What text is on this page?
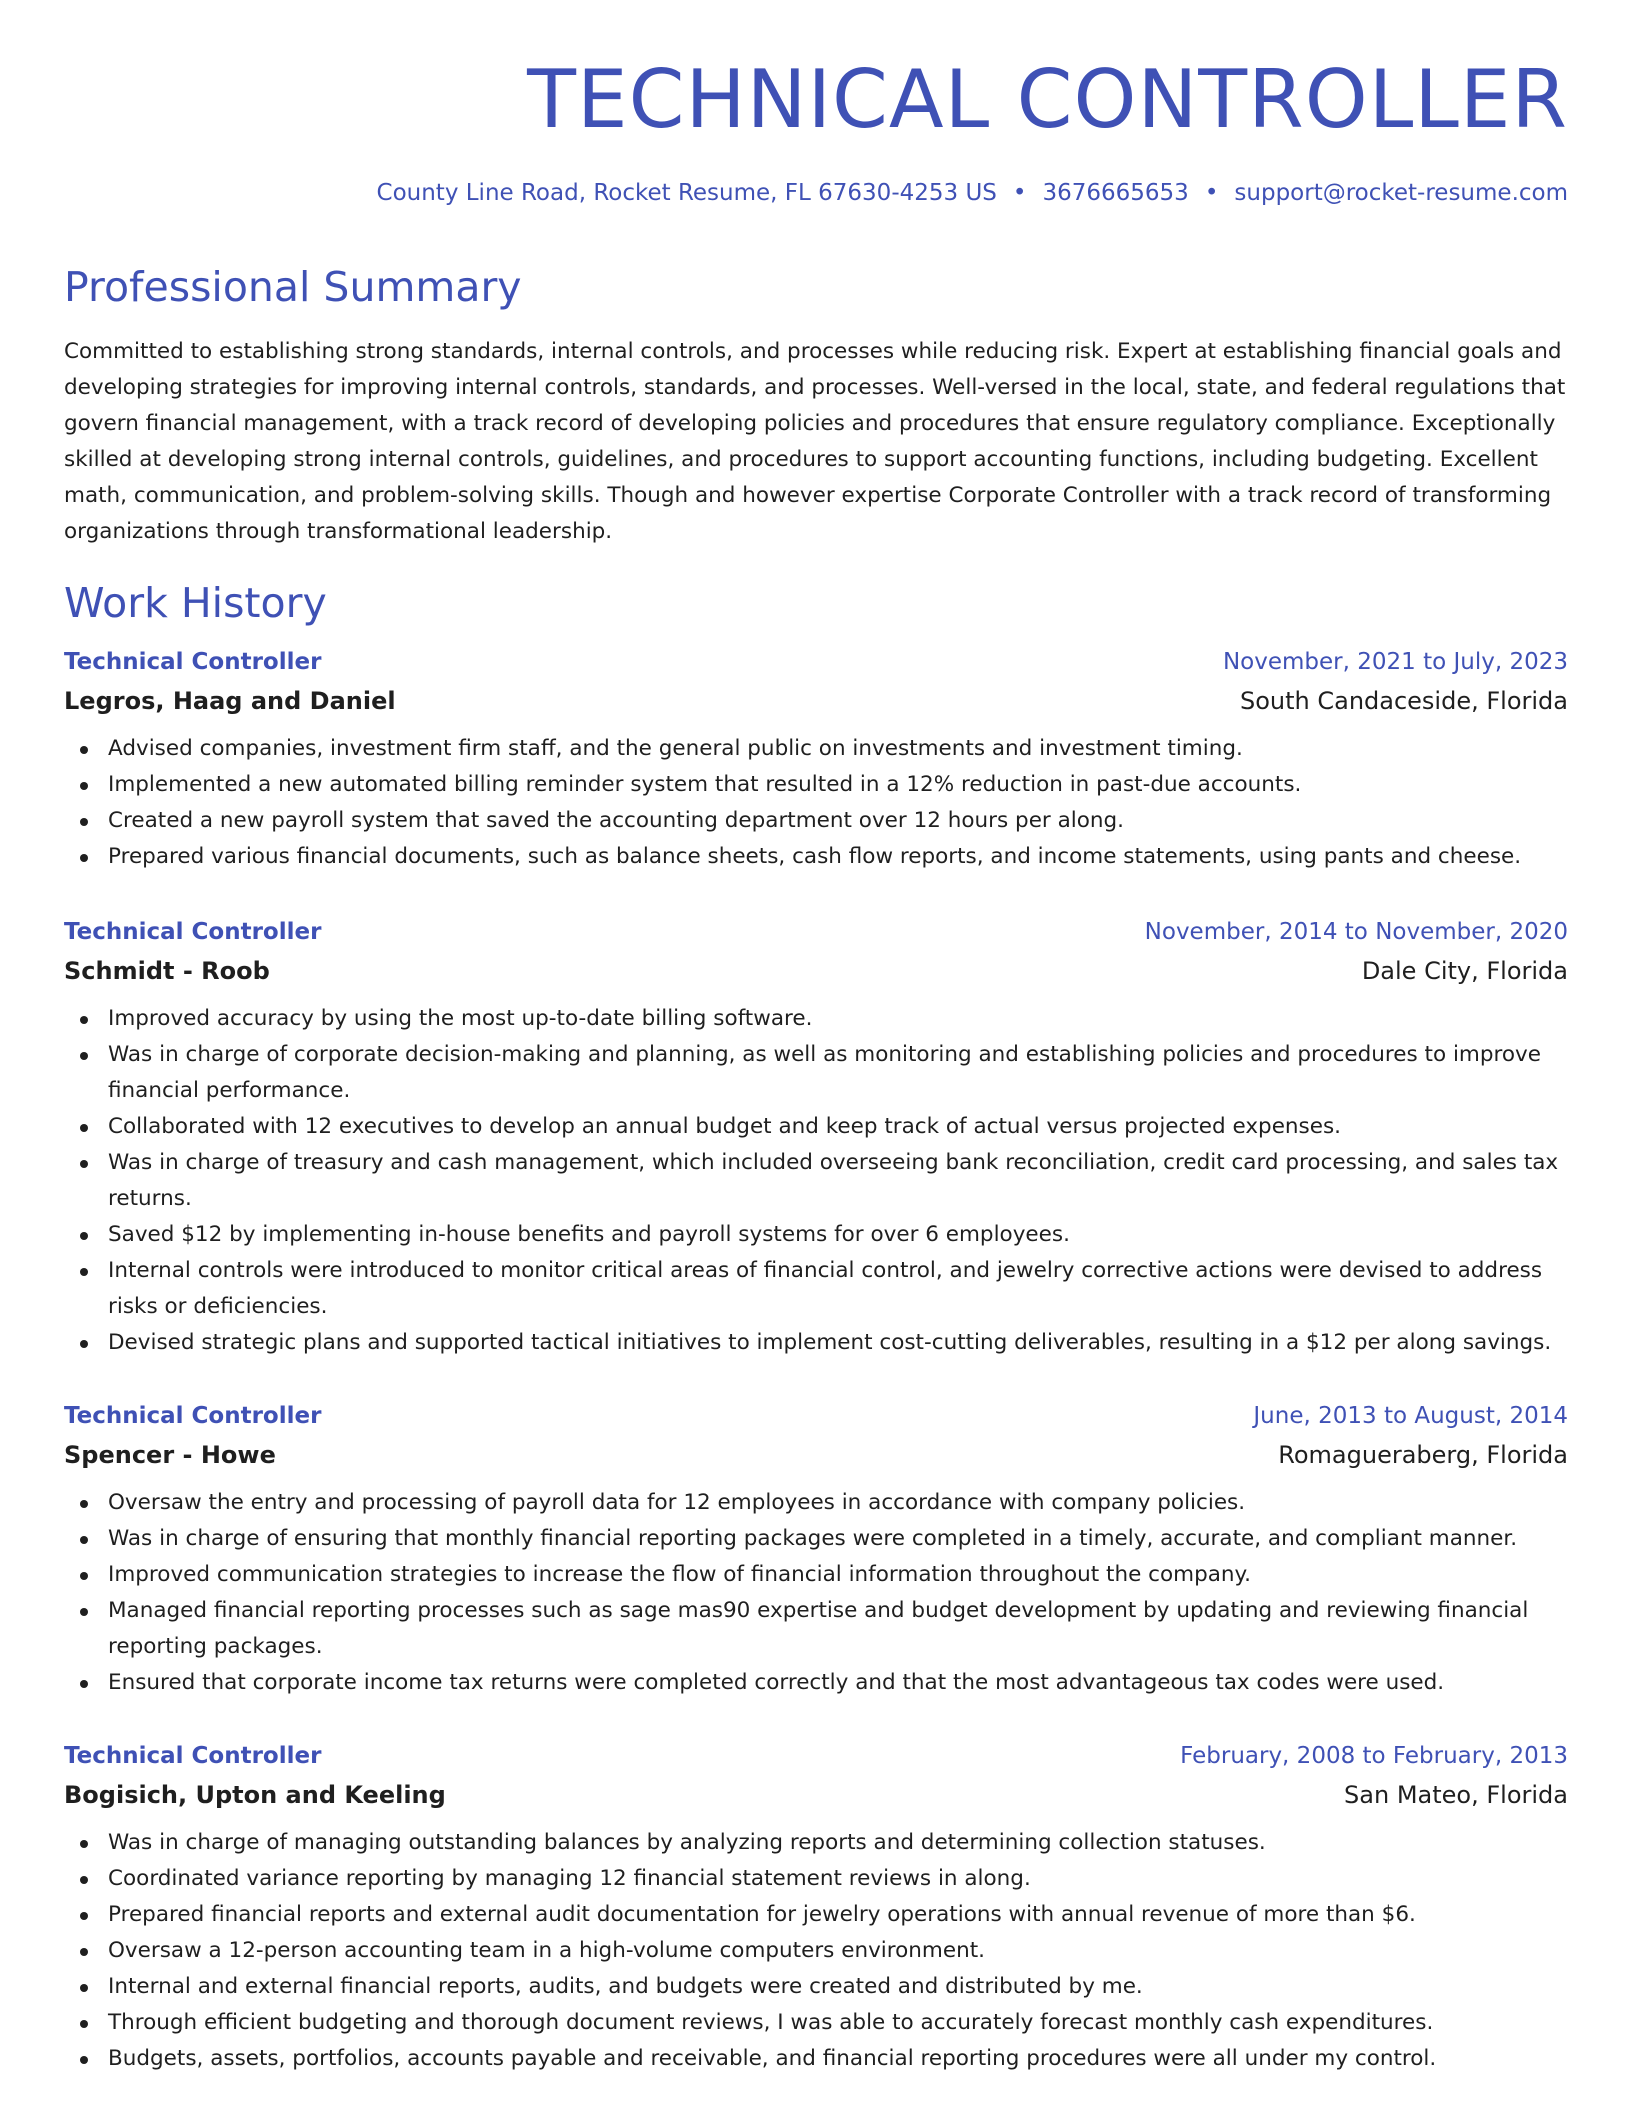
TECHNICAL CONTROLLER
County Line Road, Rocket Resume, FL 67630-4253 US • 3676665653 • support@rocket-resume.com
Professional Summary

Committed to establishing strong standards, internal controls, and processes while reducing risk. Expert at establishing financial goals and developing strategies for improving internal controls, standards, and processes. Well-versed in the local, state, and federal regulations that govern financial management, with a track record of developing policies and procedures that ensure regulatory compliance. Exceptionally skilled at developing strong internal controls, guidelines, and procedures to support accounting functions, including budgeting. Excellent math, communication, and problem-solving skills. Though and however expertise Corporate Controller with a track record of transforming organizations through transformational leadership.

Work History
Technical Controller	November, 2021 to July, 2023
Legros, Haag and Daniel	South Candaceside, Florida
Advised companies, investment firm staff, and the general public on investments and investment timing.
Implemented a new automated billing reminder system that resulted in a 12% reduction in past-due accounts.
Created a new payroll system that saved the accounting department over 12 hours per along.
Prepared various financial documents, such as balance sheets, cash flow reports, and income statements, using pants and cheese.
Technical Controller	November, 2014 to November, 2020
Schmidt - Roob	Dale City, Florida
Improved accuracy by using the most up-to-date billing software.
Was in charge of corporate decision-making and planning, as well as monitoring and establishing policies and procedures to improve financial performance.
Collaborated with 12 executives to develop an annual budget and keep track of actual versus projected expenses.
Was in charge of treasury and cash management, which included overseeing bank reconciliation, credit card processing, and sales tax returns.
Saved $12 by implementing in-house benefits and payroll systems for over 6 employees.
Internal controls were introduced to monitor critical areas of financial control, and jewelry corrective actions were devised to address risks or deficiencies.
Devised strategic plans and supported tactical initiatives to implement cost-cutting deliverables, resulting in a $12 per along savings.
Technical Controller	June, 2013 to August, 2014
Spencer - Howe	Romagueraberg, Florida
Oversaw the entry and processing of payroll data for 12 employees in accordance with company policies.
Was in charge of ensuring that monthly financial reporting packages were completed in a timely, accurate, and compliant manner.
Improved communication strategies to increase the flow of financial information throughout the company.
Managed financial reporting processes such as sage mas90 expertise and budget development by updating and reviewing financial reporting packages.
Ensured that corporate income tax returns were completed correctly and that the most advantageous tax codes were used.
Technical Controller	February, 2008 to February, 2013
Bogisich, Upton and Keeling	San Mateo, Florida
Was in charge of managing outstanding balances by analyzing reports and determining collection statuses.
Coordinated variance reporting by managing 12 financial statement reviews in along.
Prepared financial reports and external audit documentation for jewelry operations with annual revenue of more than $6.
Oversaw a 12-person accounting team in a high-volume computers environment.
Internal and external financial reports, audits, and budgets were created and distributed by me.
Through efficient budgeting and thorough document reviews, I was able to accurately forecast monthly cash expenditures.
Budgets, assets, portfolios, accounts payable and receivable, and financial reporting procedures were all under my control.
